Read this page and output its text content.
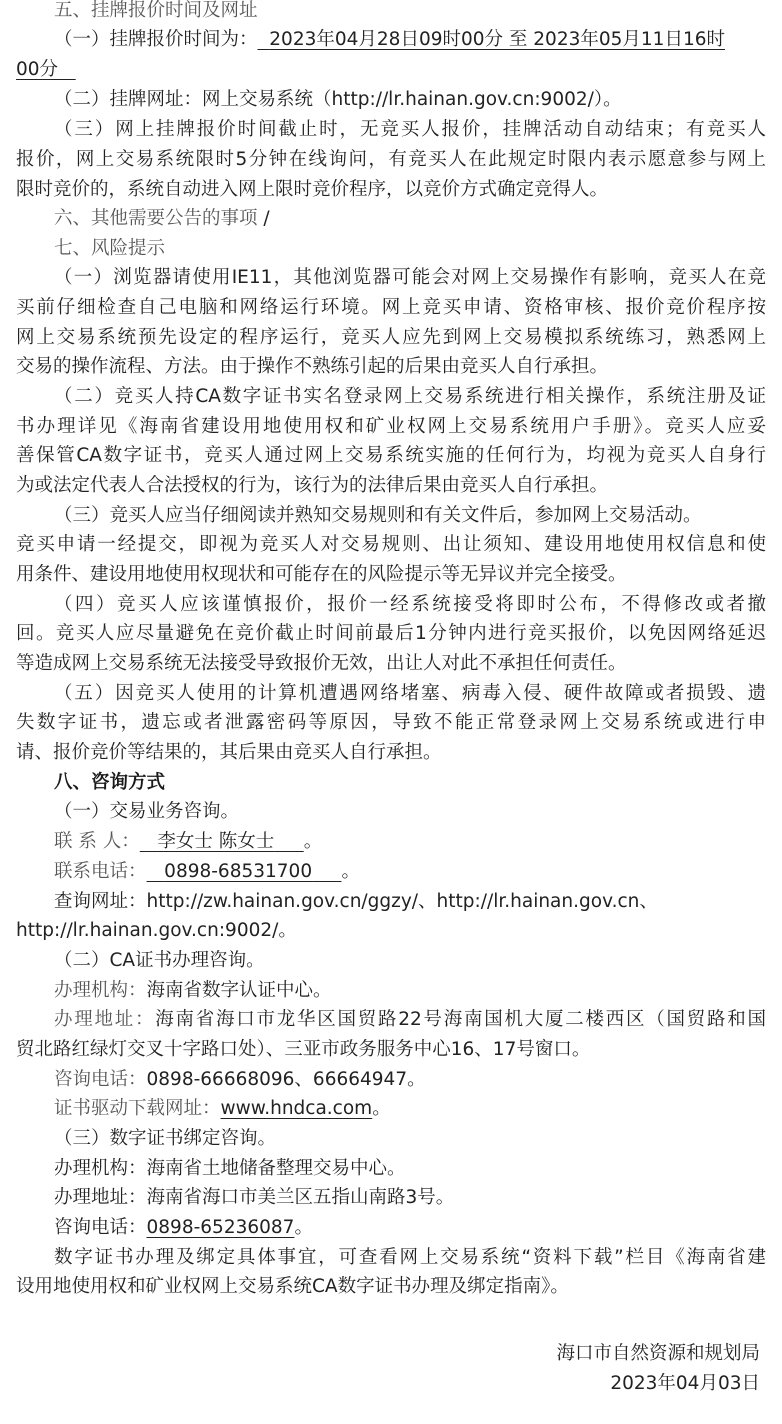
五、挂牌报价时间及网址
（一）挂牌报价时间为： 2023年04月28日09时00分 至 2023年05月11日16时
00分
（二）挂牌网址：网上交易系统（http://lr.hainan.gov.cn:9002/）。
（三）网上挂牌报价时间截止时，无竞买人报价，挂牌活动自动结束；有竞买人
报价，网上交易系统限时5分钟在线询问，有竞买人在此规定时限内表示愿意参与网上
限时竞价的，系统自动进入网上限时竞价程序，以竞价方式确定竞得人。
六、其他需要公告的事项 /
七、风险提示
（一）浏览器请使用IE11，其他浏览器可能会对网上交易操作有影响，竞买人在竞
买前仔细检查自己电脑和网络运行环境。网上竞买申请、资格审核、报价竞价程序按
网上交易系统预先设定的程序运行，竞买人应先到网上交易模拟系统练习，熟悉网上
交易的操作流程、方法。由于操作不熟练引起的后果由竞买人自行承担。
（二）竞买人持CA数字证书实名登录网上交易系统进行相关操作，系统注册及证
书办理详见《海南省建设用地使用权和矿业权网上交易系统用户手册》。竞买人应妥
善保管CA数字证书，竞买人通过网上交易系统实施的任何行为，均视为竞买人自身行
为或法定代表人合法授权的行为，该行为的法律后果由竞买人自行承担。
（三）竞买人应当仔细阅读并熟知交易规则和有关文件后，参加网上交易活动。
竞买申请一经提交，即视为竞买人对交易规则、出让须知、建设用地使用权信息和使
用条件、建设用地使用权现状和可能存在的风险提示等无异议并完全接受。
（四）竞买人应该谨慎报价，报价一经系统接受将即时公布，不得修改或者撤
回。竞买人应尽量避免在竞价截止时间前最后1分钟内进行竞买报价，以免因网络延迟
等造成网上交易系统无法接受导致报价无效，出让人对此不承担任何责任。
（五）因竞买人使用的计算机遭遇网络堵塞、病毒入侵、硬件故障或者损毁、遗
失数字证书，遗忘或者泄露密码等原因，导致不能正常登录网上交易系统或进行申
请、报价竞价等结果的，其后果由竞买人自行承担。
八、咨询方式
（一）交易业务咨询。
联 系 人： 李女士 陈女士 。
联系电话： 0898-68531700 。
查询网址：http://zw.hainan.gov.cn/ggzy/、http://lr.hainan.gov.cn、
http://lr.hainan.gov.cn:9002/。
（二）CA证书办理咨询。
办理机构：海南省数字认证中心。
办理地址：海南省海口市龙华区国贸路22号海南国机大厦二楼西区（国贸路和国
贸北路红绿灯交叉十字路口处）、三亚市政务服务中心16、17号窗口。
咨询电话：0898-66668096、66664947。
证书驱动下载网址：www.hndca.com。
（三）数字证书绑定咨询。
办理机构：海南省土地储备整理交易中心。
办理地址：海南省海口市美兰区五指山南路3号。
咨询电话：0898-65236087。
数字证书办理及绑定具体事宜，可查看网上交易系统“资料下载”栏目《海南省建
设用地使用权和矿业权网上交易系统CA数字证书办理及绑定指南》。
海口市自然资源和规划局
2023年04月03日
